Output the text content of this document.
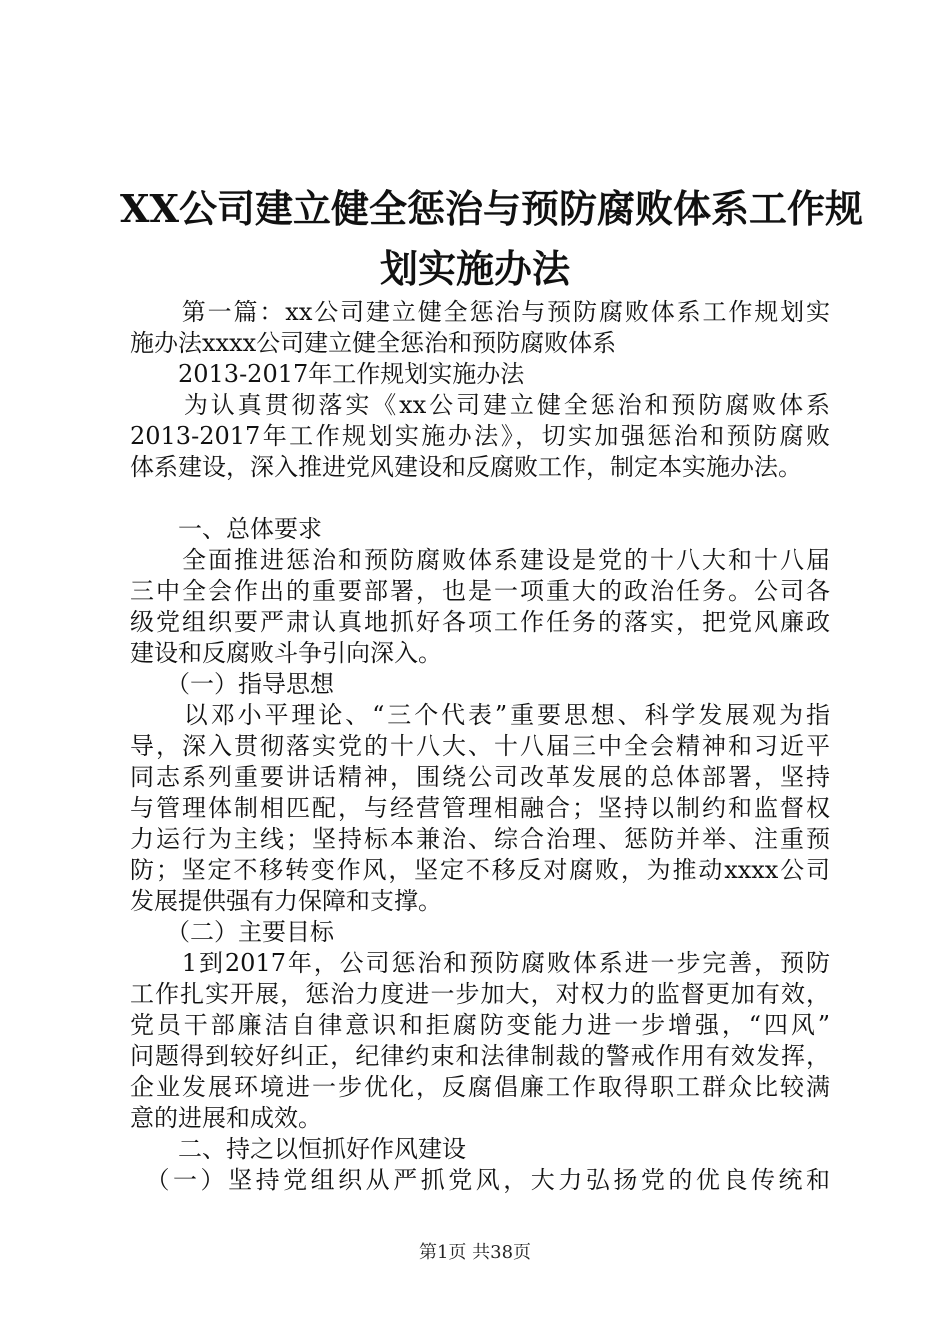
XX公司建立健全惩治与预防腐败体系工作规
划实施办法
　　第一篇：xx公司建立健全惩治与预防腐败体系工作规划实
施办法xxxx公司建立健全惩治和预防腐败体系
　　2013-2017年工作规划实施办法
　　为认真贯彻落实《xx公司建立健全惩治和预防腐败体系
2013-2017年工作规划实施办法》，切实加强惩治和预防腐败
体系建设，深入推进党风建设和反腐败工作，制定本实施办法。
　　一、总体要求
　　全面推进惩治和预防腐败体系建设是党的十八大和十八届
三中全会作出的重要部署，也是一项重大的政治任务。公司各
级党组织要严肃认真地抓好各项工作任务的落实，把党风廉政
建设和反腐败斗争引向深入。
　　（一）指导思想
　　以邓小平理论、“三个代表”重要思想、科学发展观为指
导，深入贯彻落实党的十八大、十八届三中全会精神和习近平
同志系列重要讲话精神，围绕公司改革发展的总体部署，坚持
与管理体制相匹配，与经营管理相融合；坚持以制约和监督权
力运行为主线；坚持标本兼治、综合治理、惩防并举、注重预
防；坚定不移转变作风，坚定不移反对腐败，为推动xxxx公司
发展提供强有力保障和支撑。
　　（二）主要目标
　　1到2017年，公司惩治和预防腐败体系进一步完善，预防
工作扎实开展，惩治力度进一步加大，对权力的监督更加有效，
党员干部廉洁自律意识和拒腐防变能力进一步增强，“四风”
问题得到较好纠正，纪律约束和法律制裁的警戒作用有效发挥，
企业发展环境进一步优化，反腐倡廉工作取得职工群众比较满
意的进展和成效。
　　二、持之以恒抓好作风建设
　（一）坚持党组织从严抓党风，大力弘扬党的优良传统和
第1页 共38页
